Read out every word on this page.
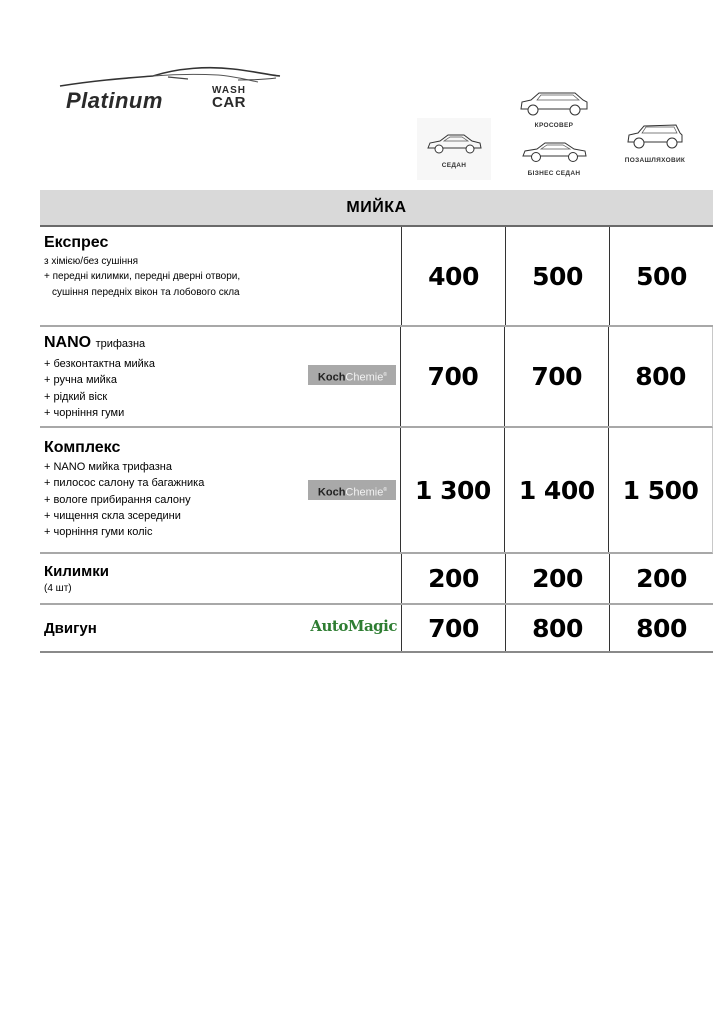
Platinum	WASH
CAR
СЕДАН
КРОСОВЕР
БІЗНЕС СЕДАН
ПОЗАШЛЯХОВИК
МИЙКА
Експрес
з хімією/без сушіння
+ передні килимки, передні дверні отвори,
сушіння передніх вікон та лобового скла
400	500	500
NANO трифазна
+ безконтактна мийка
+ ручна мийка
+ рідкий віск
+ чорніння гуми
KochChemie®	700	700	800
Комплекс
+ NANO мийка трифазна
+ пилосос салону та багажника
+ вологе прибирання салону
+ чищення скла зсередини
+ чорніння гуми коліс
KochChemie®	1 300	1 400	1 500
Килимки
(4 шт)	200	200	200
Двигун	AutoMagic	700	800	800
